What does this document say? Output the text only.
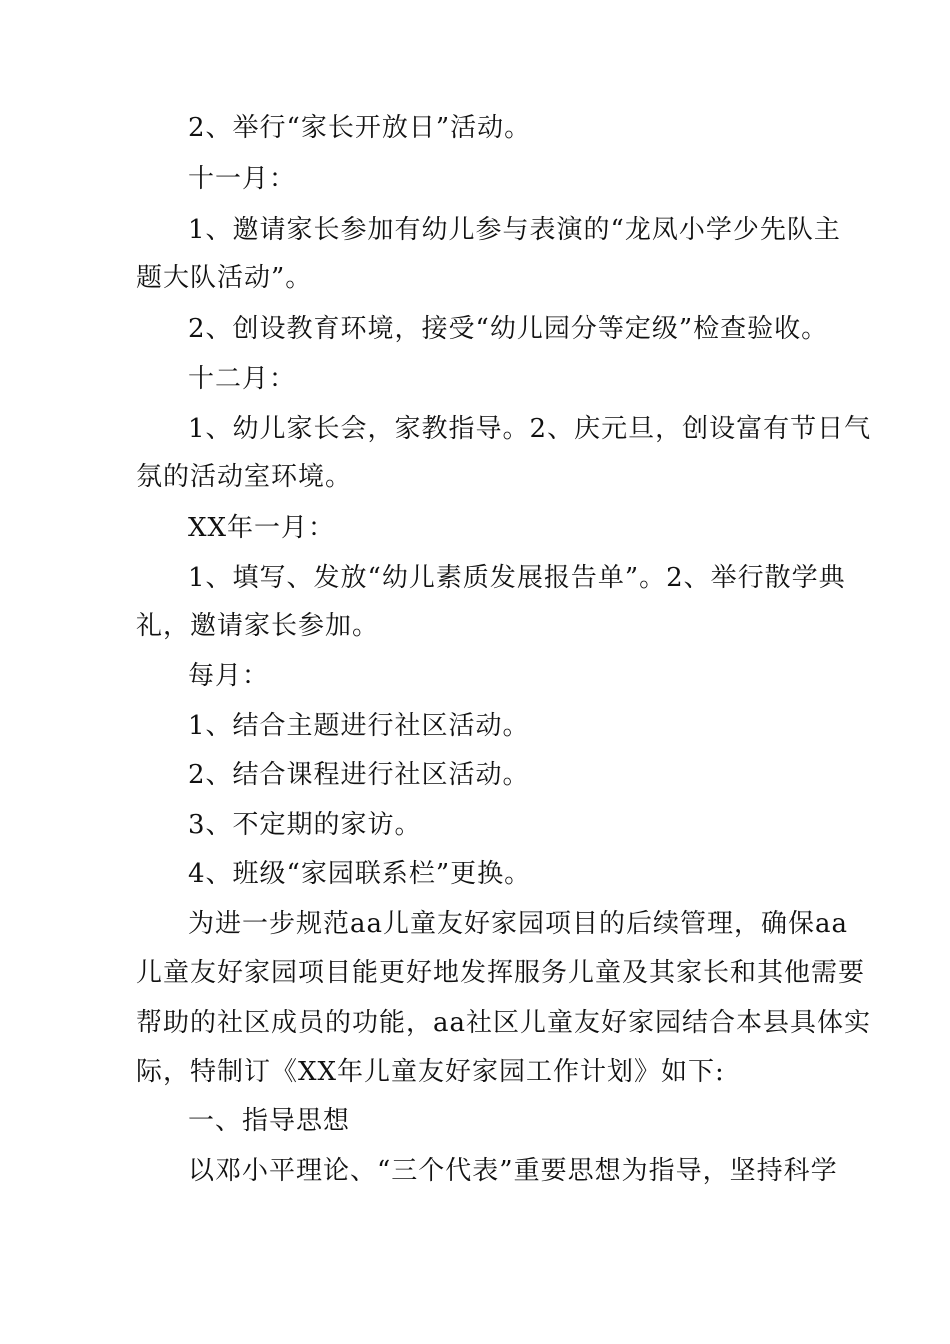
2、举行“家长开放日”活动。

十一月：

1、邀请家长参加有幼儿参与表演的“龙凤小学少先队主

题大队活动”。

2、创设教育环境，接受“幼儿园分等定级”检查验收。

十二月：

1、幼儿家长会，家教指导。2、庆元旦，创设富有节日气

氛的活动室环境。

XX年一月：

1、填写、发放“幼儿素质发展报告单”。2、举行散学典

礼，邀请家长参加。

每月：

1、结合主题进行社区活动。

2、结合课程进行社区活动。

3、不定期的家访。

4、班级“家园联系栏”更换。

为进一步规范aa儿童友好家园项目的后续管理，确保aa

儿童友好家园项目能更好地发挥服务儿童及其家长和其他需要

帮助的社区成员的功能，aa社区儿童友好家园结合本县具体实

际，特制订《XX年儿童友好家园工作计划》如下:

一、指导思想

以邓小平理论、“三个代表”重要思想为指导，坚持科学
